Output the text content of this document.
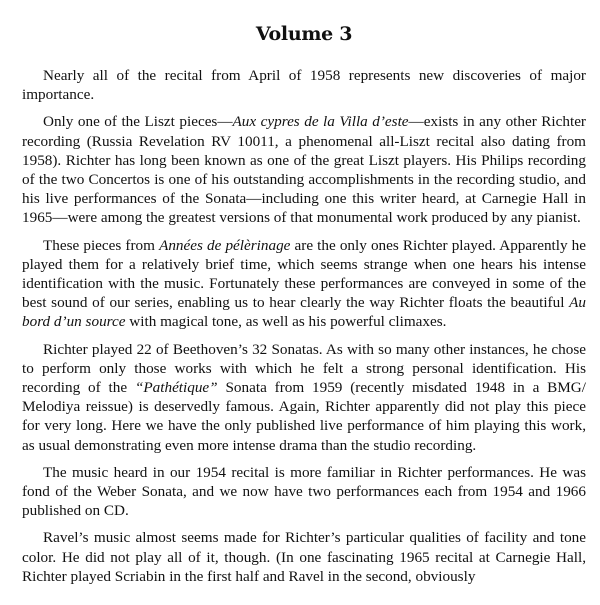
Volume 3

Nearly all of the recital from April of 1958 represents new discoveries of major importance.

Only one of the Liszt pieces—Aux cypres de la Villa d’este—exists in any other Richter recording (Russia Revelation RV 10011, a phenomenal all-Liszt recital also dating from 1958). Richter has long been known as one of the great Liszt players. His Philips recording of the two Concertos is one of his outstanding accomplishments in the recording studio, and his live performances of the Sonata—including one this writer heard, at Carnegie Hall in 1965—were among the greatest versions of that monumental work produced by any pianist.

These pieces from Années de pélèrinage are the only ones Richter played. Apparently he played them for a relatively brief time, which seems strange when one hears his intense identification with the music. Fortunately these performances are conveyed in some of the best sound of our series, enabling us to hear clearly the way Richter floats the beautiful Au bord d’un source with magical tone, as well as his powerful climaxes.

Richter played 22 of Beethoven’s 32 Sonatas. As with so many other instances, he chose to perform only those works with which he felt a strong personal identification. His recording of the “Pathétique” Sonata from 1959 (recently misdated 1948 in a BMG/ Melodiya reissue) is deservedly famous. Again, Richter apparently did not play this piece for very long. Here we have the only published live performance of him playing this work, as usual demonstrating even more intense drama than the studio recording.

The music heard in our 1954 recital is more familiar in Richter performances. He was fond of the Weber Sonata, and we now have two performances each from 1954 and 1966 published on CD.

Ravel’s music almost seems made for Richter’s particular qualities of facility and tone color. He did not play all of it, though. (In one fascinating 1965 recital at Carnegie Hall, Richter played Scriabin in the first half and Ravel in the second, obviously
